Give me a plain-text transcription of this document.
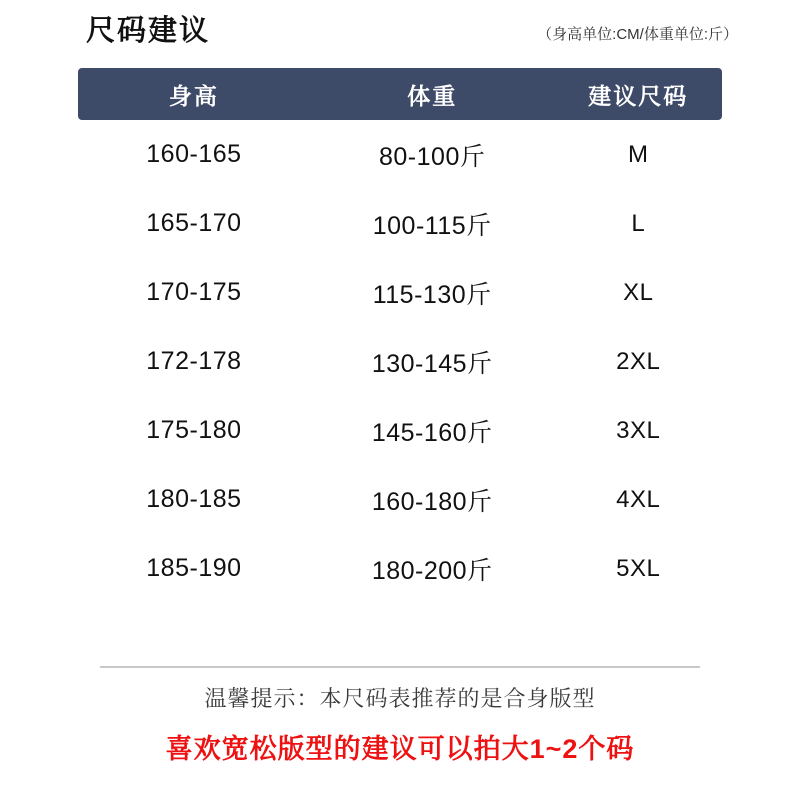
尺码建议	（身高单位:CM/体重单位:斤）
身高	体重	建议尺码
160-165	80-100斤	M
165-170	100-115斤	L
170-175	115-130斤	XL
172-178	130-145斤	2XL
175-180	145-160斤	3XL
180-185	160-180斤	4XL
185-190	180-200斤	5XL
温馨提示：本尺码表推荐的是合身版型
喜欢宽松版型的建议可以拍大1~2个码
